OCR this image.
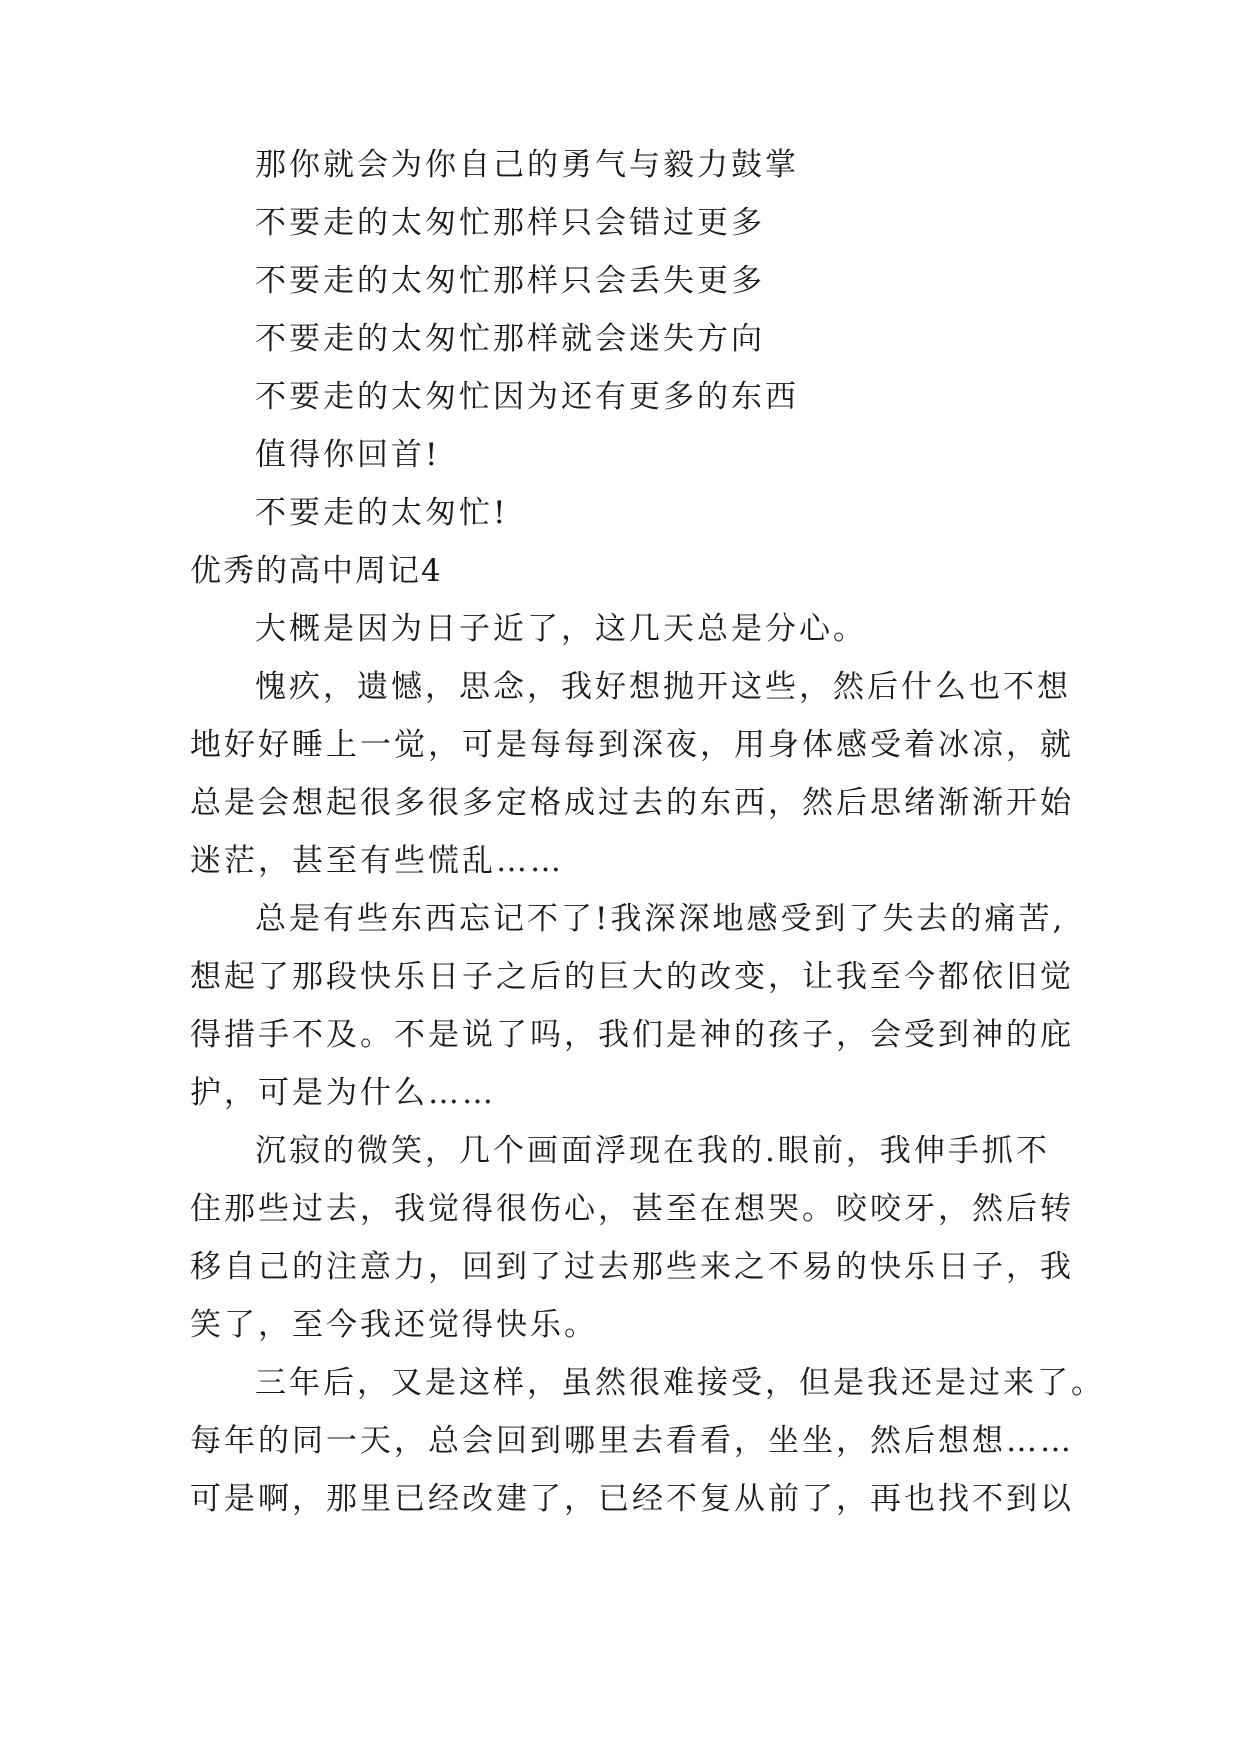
那你就会为你自己的勇气与毅力鼓掌
不要走的太匆忙那样只会错过更多
不要走的太匆忙那样只会丢失更多
不要走的太匆忙那样就会迷失方向
不要走的太匆忙因为还有更多的东西
值得你回首!
不要走的太匆忙!
优秀的高中周记4
大概是因为日子近了，这几天总是分心。
愧疚，遗憾，思念，我好想抛开这些，然后什么也不想
地好好睡上一觉，可是每每到深夜，用身体感受着冰凉，就
总是会想起很多很多定格成过去的东西，然后思绪渐渐开始
迷茫，甚至有些慌乱……
总是有些东西忘记不了!我深深地感受到了失去的痛苦,
想起了那段快乐日子之后的巨大的改变，让我至今都依旧觉
得措手不及。不是说了吗，我们是神的孩子，会受到神的庇
护，可是为什么……
沉寂的微笑，几个画面浮现在我的.眼前，我伸手抓不
住那些过去，我觉得很伤心，甚至在想哭。咬咬牙，然后转
移自己的注意力，回到了过去那些来之不易的快乐日子，我
笑了，至今我还觉得快乐。
三年后，又是这样，虽然很难接受，但是我还是过来了。
每年的同一天，总会回到哪里去看看，坐坐，然后想想……
可是啊，那里已经改建了，已经不复从前了，再也找不到以
